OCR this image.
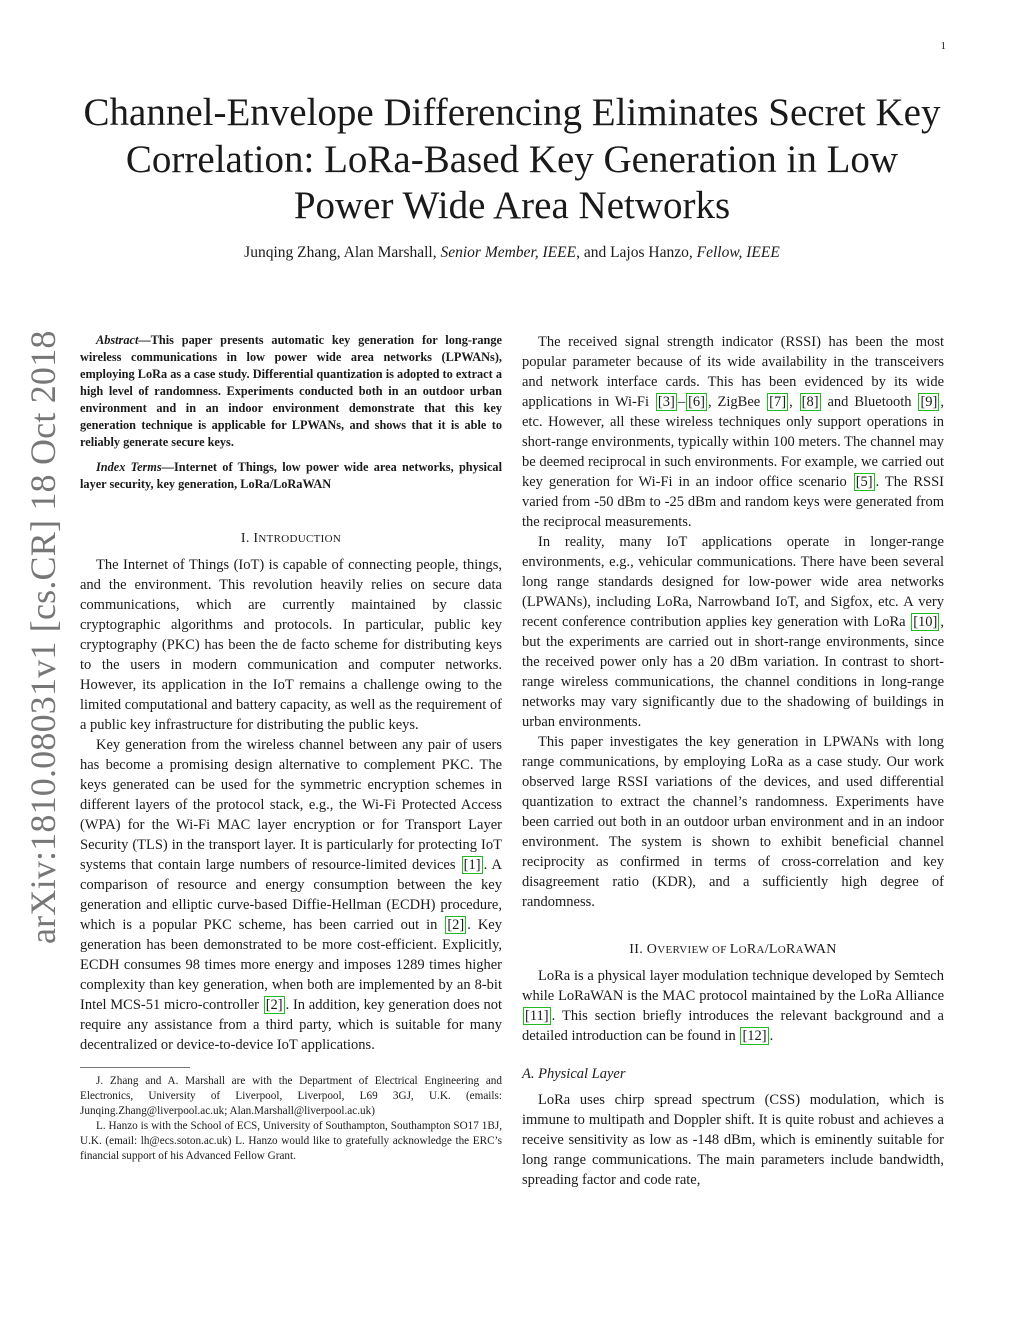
1
arXiv:1810.08031v1 [cs.CR] 18 Oct 2018
Channel-Envelope Differencing Eliminates Secret Key Correlation: LoRa-Based Key Generation in Low Power Wide Area Networks
Junqing Zhang, Alan Marshall, Senior Member, IEEE, and Lajos Hanzo, Fellow, IEEE
Abstract—This paper presents automatic key generation for long-range wireless communications in low power wide area networks (LPWANs), employing LoRa as a case study. Differential quantization is adopted to extract a high level of randomness. Experiments conducted both in an outdoor urban environment and in an indoor environment demonstrate that this key generation technique is applicable for LPWANs, and shows that it is able to reliably generate secure keys.
Index Terms—Internet of Things, low power wide area networks, physical layer security, key generation, LoRa/LoRaWAN
I. INTRODUCTION

The Internet of Things (IoT) is capable of connecting people, things, and the environment. This revolution heavily relies on secure data communications, which are currently maintained by classic cryptographic algorithms and protocols. In particular, public key cryptography (PKC) has been the de facto scheme for distributing keys to the users in modern communication and computer networks. However, its application in the IoT remains a challenge owing to the limited computational and battery capacity, as well as the requirement of a public key infrastructure for distributing the public keys.

Key generation from the wireless channel between any pair of users has become a promising design alternative to complement PKC. The keys generated can be used for the symmetric encryption schemes in different layers of the protocol stack, e.g., the Wi-Fi Protected Access (WPA) for the Wi-Fi MAC layer encryption or for Transport Layer Security (TLS) in the transport layer. It is particularly for protecting IoT systems that contain large numbers of resource-limited devices [1] . A comparison of resource and energy consumption between the key generation and elliptic curve-based Diffie-Hellman (ECDH) procedure, which is a popular PKC scheme, has been carried out in [2] . Key generation has been demonstrated to be more cost-efficient. Explicitly, ECDH consumes 98 times more energy and imposes 1289 times higher complexity than key generation, when both are implemented by an 8-bit Intel MCS-51 micro-controller [2] . In addition, key generation does not require any assistance from a third party, which is suitable for many decentralized or device-to-device IoT applications.

J. Zhang and A. Marshall are with the Department of Electrical Engineering and Electronics, University of Liverpool, Liverpool, L69 3GJ, U.K. (emails: Junqing.Zhang@liverpool.ac.uk; Alan.Marshall@liverpool.ac.uk)
L. Hanzo is with the School of ECS, University of Southampton, Southampton SO17 1BJ, U.K. (email: lh@ecs.soton.ac.uk) L. Hanzo would like to gratefully acknowledge the ERC’s financial support of his Advanced Fellow Grant.

The received signal strength indicator (RSSI) has been the most popular parameter because of its wide availability in the transceivers and network interface cards. This has been evidenced by its wide applications in Wi-Fi [3] – [6] , ZigBee [7] , [8] and Bluetooth [9] , etc. However, all these wireless techniques only support operations in short-range environments, typically within 100 meters. The channel may be deemed reciprocal in such environments. For example, we carried out key generation for Wi-Fi in an indoor office scenario [5] . The RSSI varied from -50 dBm to -25 dBm and random keys were generated from the reciprocal measurements.

In reality, many IoT applications operate in longer-range environments, e.g., vehicular communications. There have been several long range standards designed for low-power wide area networks (LPWANs), including LoRa, Narrowband IoT, and Sigfox, etc. A very recent conference contribution applies key generation with LoRa [10] , but the experiments are carried out in short-range environments, since the received power only has a 20 dBm variation. In contrast to short-range wireless communications, the channel conditions in long-range networks may vary significantly due to the shadowing of buildings in urban environments.

This paper investigates the key generation in LPWANs with long range communications, by employing LoRa as a case study. Our work observed large RSSI variations of the devices, and used differential quantization to extract the channel’s randomness. Experiments have been carried out both in an outdoor urban environment and in an indoor environment. The system is shown to exhibit beneficial channel reciprocity as confirmed in terms of cross-correlation and key disagreement ratio (KDR), and a sufficiently high degree of randomness.

II. OVERVIEW OF LORA/LORAWAN

LoRa is a physical layer modulation technique developed by Semtech while LoRaWAN is the MAC protocol maintained by the LoRa Alliance [11] . This section briefly introduces the relevant background and a detailed introduction can be found in [12] .

A. Physical Layer

LoRa uses chirp spread spectrum (CSS) modulation, which is immune to multipath and Doppler shift. It is quite robust and achieves a receive sensitivity as low as -148 dBm, which is eminently suitable for long range communications. The main parameters include bandwidth, spreading factor and code rate,
